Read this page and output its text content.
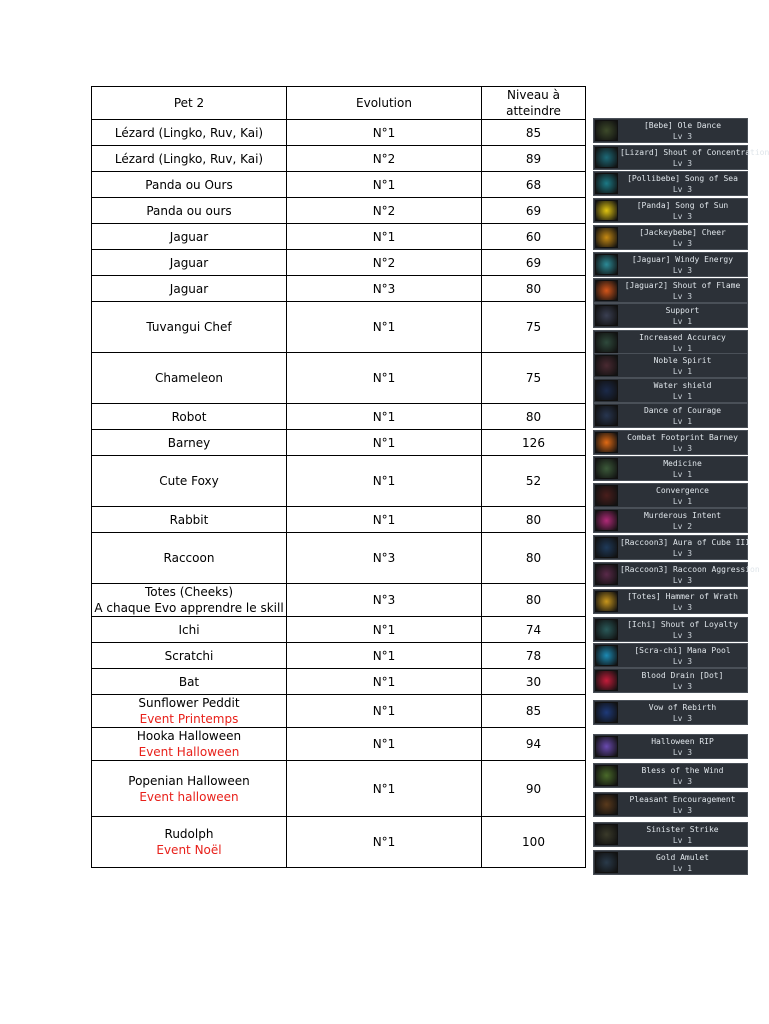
Pet 2	Evolution	Niveau à
atteindre

Lézard (Lingko, Ruv, Kai)	N°1	85

Lézard (Lingko, Ruv, Kai)	N°2	89

Panda ou Ours	N°1	68

Panda ou ours	N°2	69

Jaguar	N°1	60

Jaguar	N°2	69

Jaguar	N°3	80

Tuvangui Chef	N°1	75

Chameleon	N°1	75

Robot	N°1	80

Barney	N°1	126

Cute Foxy	N°1	52

Rabbit	N°1	80

Raccoon	N°3	80

Totes (Cheeks)
A chaque Evo apprendre le skill	N°3	80

Ichi	N°1	74

Scratchi	N°1	78

Bat	N°1	30

Sunflower Peddit
Event Printemps	N°1	85

Hooka Halloween
Event Halloween	N°1	94

Popenian Halloween
Event halloween	N°1	90

Rudolph
Event Noël	N°1	100
[Bebe] Ole Dance
Lv 3
[Lizard] Shout of Concentration
Lv 3
[Pollibebe] Song of Sea
Lv 3
[Panda] Song of Sun
Lv 3
[Jackeybebe] Cheer
Lv 3
[Jaguar] Windy Energy
Lv 3
[Jaguar2] Shout of Flame
Lv 3
Support
Lv 1
Increased Accuracy
Lv 1
Noble Spirit
Lv 1
Water shield
Lv 1
Dance of Courage
Lv 1
Combat Footprint Barney
Lv 3
Medicine
Lv 1
Convergence
Lv 1
Murderous Intent
Lv 2
[Raccoon3] Aura of Cube III
Lv 3
[Raccoon3] Raccoon Aggression
Lv 3
[Totes] Hammer of Wrath
Lv 3
[Ichi] Shout of Loyalty
Lv 3
[Scra-chi] Mana Pool
Lv 3
Blood Drain [Dot]
Lv 3
Vow of Rebirth
Lv 3
Halloween RIP
Lv 3
Bless of the Wind
Lv 3
Pleasant Encouragement
Lv 3
Sinister Strike
Lv 1
Gold Amulet
Lv 1
